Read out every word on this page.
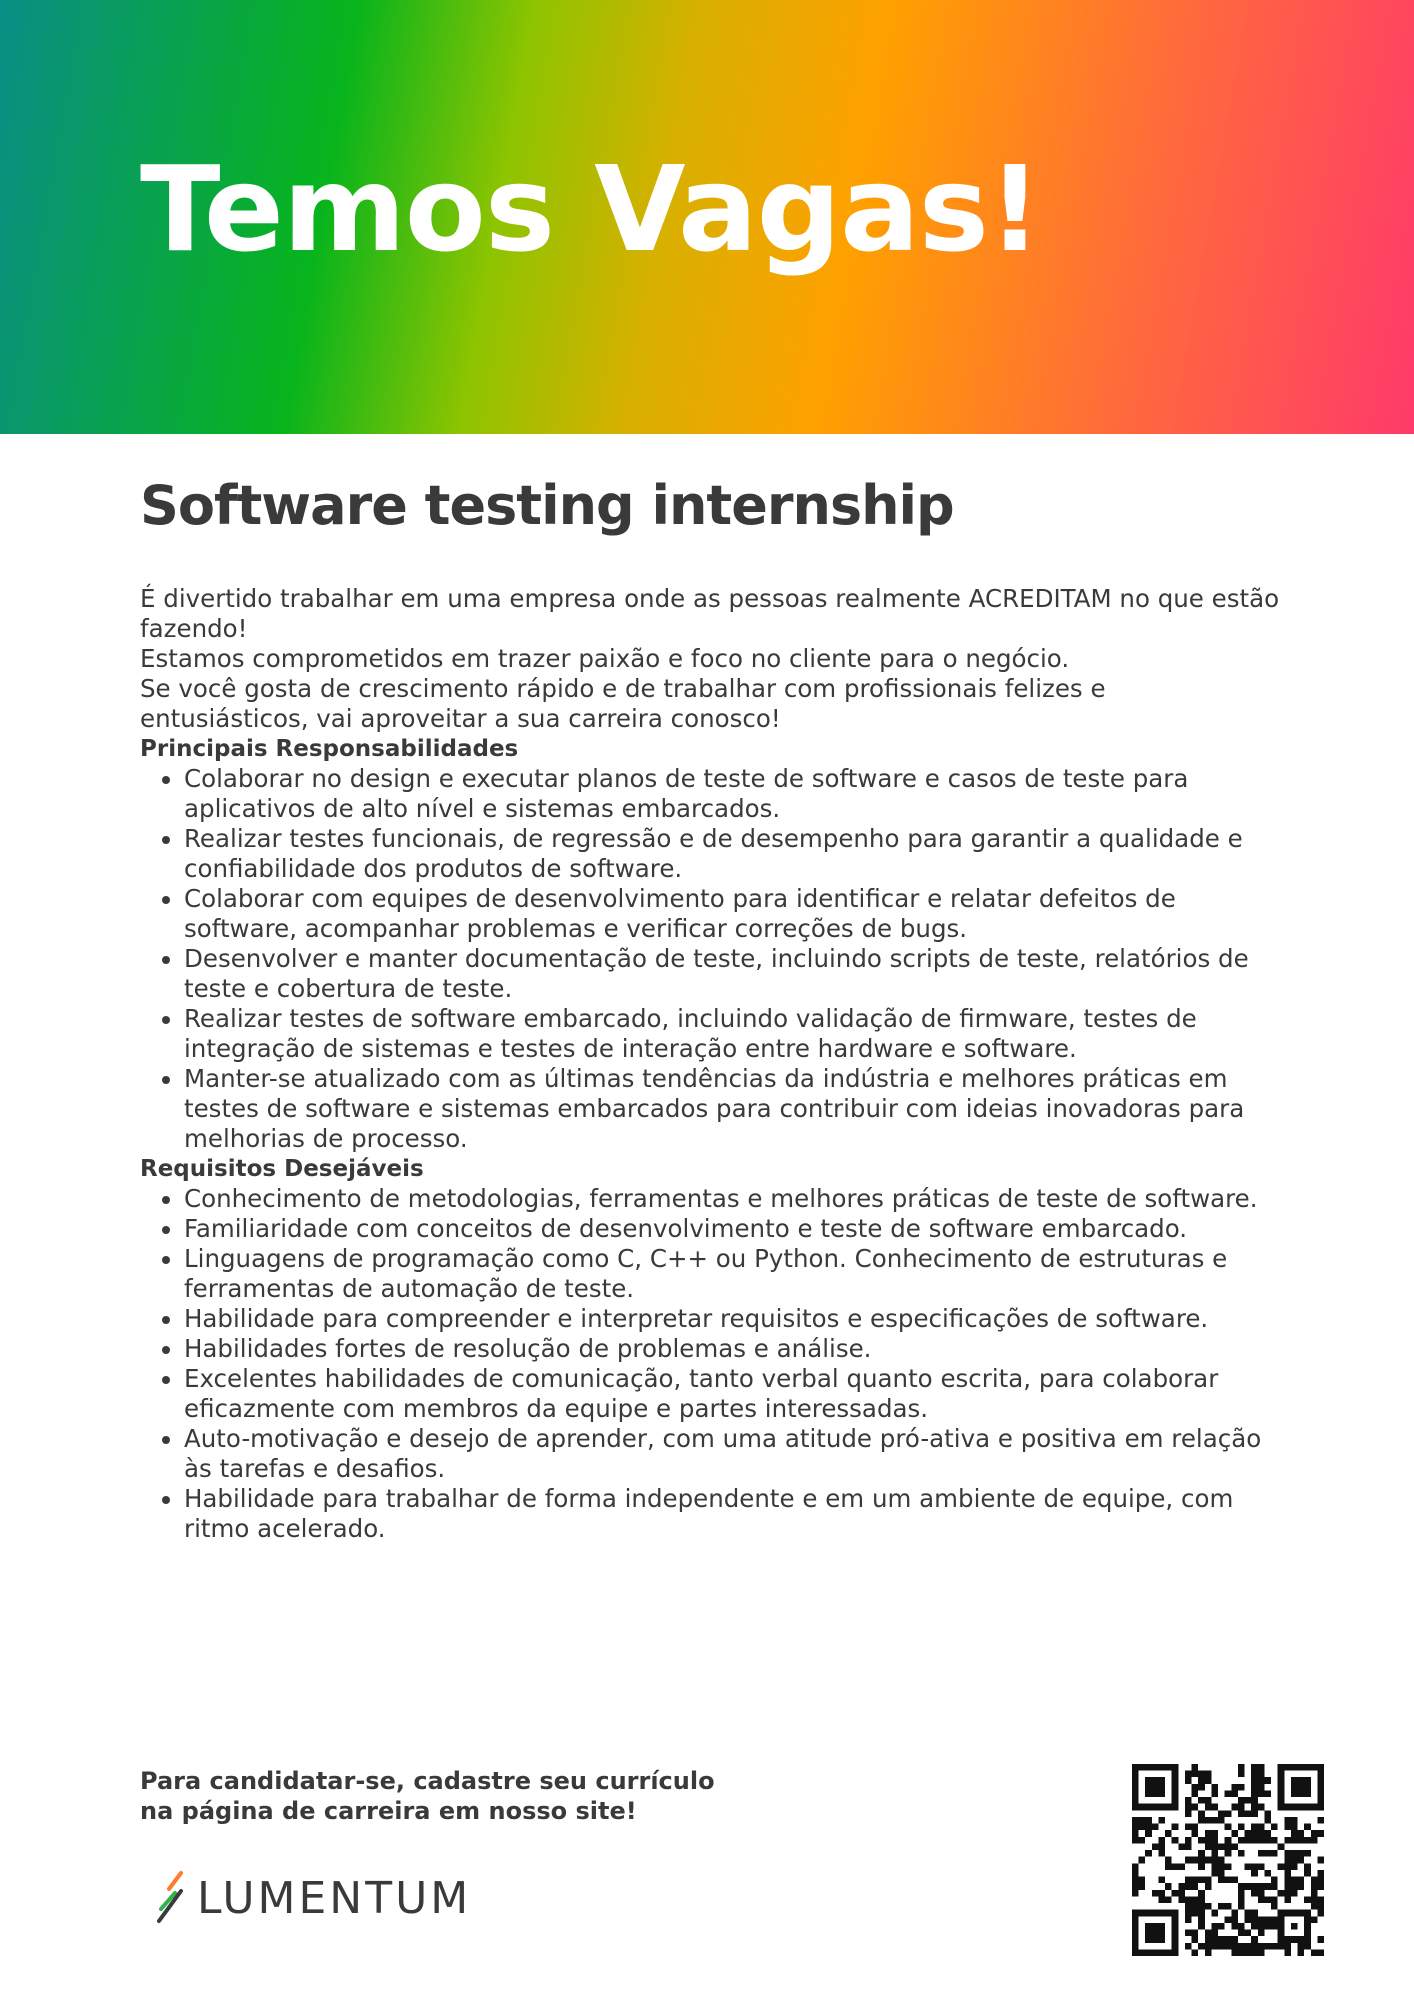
Temos Vagas!
Software testing internship

É divertido trabalhar em uma empresa onde as pessoas realmente ACREDITAM no que estão fazendo!

Estamos comprometidos em trazer paixão e foco no cliente para o negócio.

Se você gosta de crescimento rápido e de trabalhar com profissionais felizes e entusiásticos, vai aproveitar a sua carreira conosco!

Principais Responsabilidades

• Colaborar no design e executar planos de teste de software e casos de teste para aplicativos de alto nível e sistemas embarcados.
• Realizar testes funcionais, de regressão e de desempenho para garantir a qualidade e confiabilidade dos produtos de software.
• Colaborar com equipes de desenvolvimento para identificar e relatar defeitos de software, acompanhar problemas e verificar correções de bugs.
• Desenvolver e manter documentação de teste, incluindo scripts de teste, relatórios de teste e cobertura de teste.
• Realizar testes de software embarcado, incluindo validação de firmware, testes de integração de sistemas e testes de interação entre hardware e software.
• Manter-se atualizado com as últimas tendências da indústria e melhores práticas em testes de software e sistemas embarcados para contribuir com ideias inovadoras para melhorias de processo.

Requisitos Desejáveis

• Conhecimento de metodologias, ferramentas e melhores práticas de teste de software.
• Familiaridade com conceitos de desenvolvimento e teste de software embarcado.
• Linguagens de programação como C, C++ ou Python. Conhecimento de estruturas e ferramentas de automação de teste.
• Habilidade para compreender e interpretar requisitos e especificações de software.
• Habilidades fortes de resolução de problemas e análise.
• Excelentes habilidades de comunicação, tanto verbal quanto escrita, para colaborar eficazmente com membros da equipe e partes interessadas.
• Auto-motivação e desejo de aprender, com uma atitude pró-ativa e positiva em relação às tarefas e desafios.
• Habilidade para trabalhar de forma independente e em um ambiente de equipe, com ritmo acelerado.

Para candidatar-se, cadastre seu currículo
na página de carreira em nosso site!

LUMENTUM
